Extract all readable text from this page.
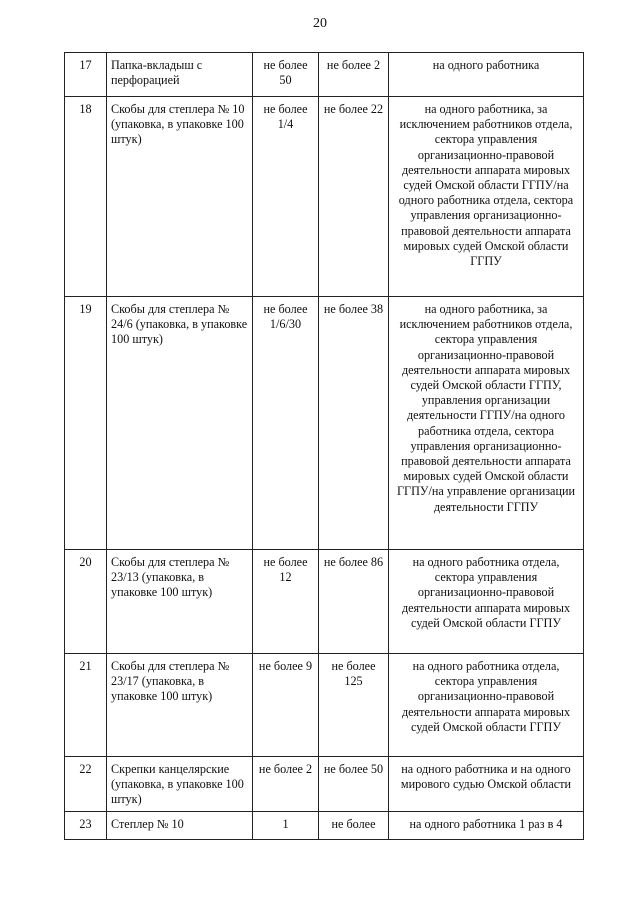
20
17	Папка-вкладыш с перфорацией	не более 50	не более 2	на одного работника
18	Скобы для степлера № 10 (упаковка, в упаковке 100 штук)	не более 1/4	не более 22	на одного работника, за исключением работников отдела, сектора управления организационно-правовой деятельности аппарата мировых судей Омской области ГГПУ/на одного работника отдела, сектора управления организационно-правовой деятельности аппарата мировых судей Омской области ГГПУ
19	Скобы для степлера № 24/6 (упаковка, в упаковке 100 штук)	не более 1/6/30	не более 38	на одного работника, за исключением работников отдела, сектора управления организационно-правовой деятельности аппарата мировых судей Омской области ГГПУ, управления организации деятельности ГГПУ/на одного работника отдела, сектора управления организационно-правовой деятельности аппарата мировых судей Омской области ГГПУ/на управление организации деятельности ГГПУ
20	Скобы для степлера № 23/13 (упаковка, в упаковке 100 штук)	не более 12	не более 86	на одного работника отдела, сектора управления организационно-правовой деятельности аппарата мировых судей Омской области ГГПУ
21	Скобы для степлера № 23/17 (упаковка, в упаковке 100 штук)	не более 9	не более 125	на одного работника отдела, сектора управления организационно-правовой деятельности аппарата мировых судей Омской области ГГПУ
22	Скрепки канцелярские (упаковка, в упаковке 100 штук)	не более 2	не более 50	на одного работника и на одного мирового судью Омской области
23	Степлер № 10	1	не более	на одного работника 1 раз в 4
